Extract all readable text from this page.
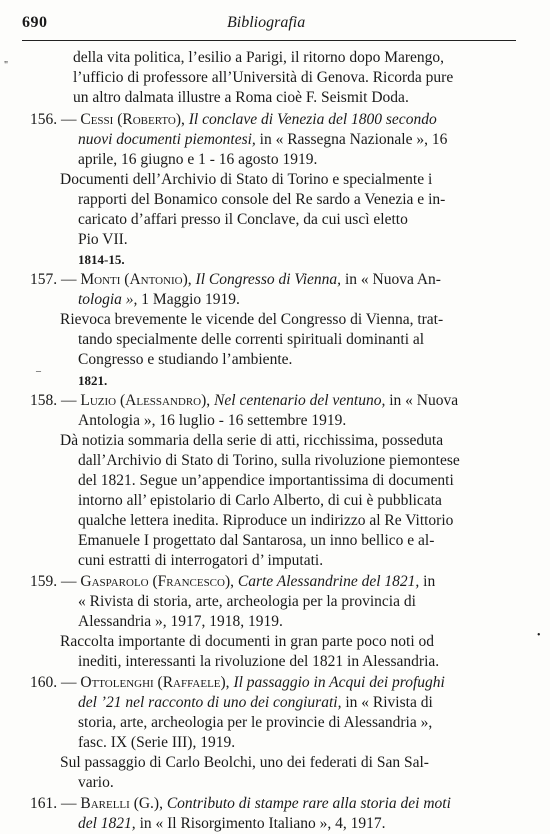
690	Bibliografia
"
–
•
della vita politica, l’esilio a Parigi, il ritorno dopo Marengo,
l’ufficio di professore all’Università di Genova. Ricorda pure
un altro dalmata illustre a Roma cioè F. Seismit Doda.
156. — Cessi (Roberto), Il conclave di Venezia del 1800 secondo
nuovi documenti piemontesi, in « Rassegna Nazionale », 16
aprile, 16 giugno e 1 - 16 agosto 1919.
Documenti dell’Archivio di Stato di Torino e specialmente i
rapporti del Bonamico console del Re sardo a Venezia e in-
caricato d’affari presso il Conclave, da cui uscì eletto
Pio VII.
1814-15.
157. — Monti (Antonio), Il Congresso di Vienna, in « Nuova An-
tologia », 1 Maggio 1919.
Rievoca brevemente le vicende del Congresso di Vienna, trat-
tando specialmente delle correnti spirituali dominanti al
Congresso e studiando l’ambiente.
1821.
158. — Luzio (Alessandro), Nel centenario del ventuno, in « Nuova
Antologia », 16 luglio - 16 settembre 1919.
Dà notizia sommaria della serie di atti, ricchissima, posseduta
dall’Archivio di Stato di Torino, sulla rivoluzione piemontese
del 1821. Segue un’appendice importantissima di documenti
intorno all’ epistolario di Carlo Alberto, di cui è pubblicata
qualche lettera inedita. Riproduce un indirizzo al Re Vittorio
Emanuele I progettato dal Santarosa, un inno bellico e al-
cuni estratti di interrogatori d’ imputati.
159. — Gasparolo (Francesco), Carte Alessandrine del 1821, in
« Rivista di storia, arte, archeologia per la provincia di
Alessandria », 1917, 1918, 1919.
Raccolta importante di documenti in gran parte poco noti od
inediti, interessanti la rivoluzione del 1821 in Alessandria.
160. — Ottolenghi (Raffaele), Il passaggio in Acqui dei profughi
del ’21 nel racconto di uno dei congiurati, in « Rivista di
storia, arte, archeologia per le provincie di Alessandria »,
fasc. IX (Serie III), 1919.
Sul passaggio di Carlo Beolchi, uno dei federati di San Sal-
vario.
161. — Barelli (G.), Contributo di stampe rare alla storia dei moti
del 1821, in « Il Risorgimento Italiano », 4, 1917.
